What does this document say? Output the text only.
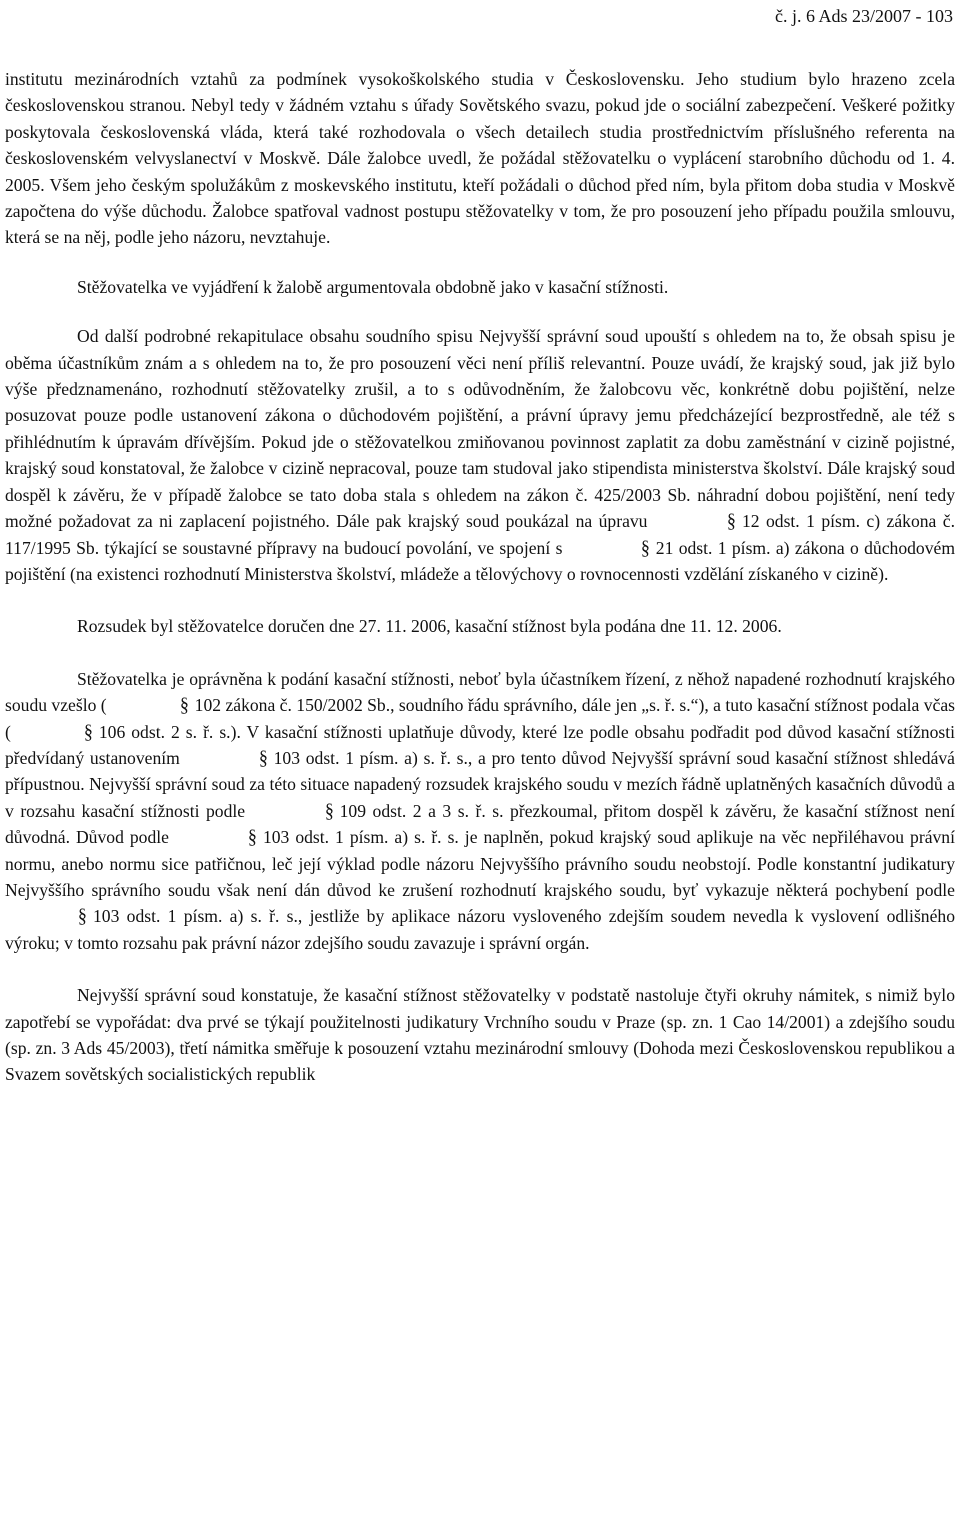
č. j. 6 Ads 23/2007 - 103

institutu mezinárodních vztahů za podmínek vysokoškolského studia v Československu. Jeho studium bylo hrazeno zcela československou stranou. Nebyl tedy v žádném vztahu s úřady Sovětského svazu, pokud jde o sociální zabezpečení. Veškeré požitky poskytovala československá vláda, která také rozhodovala o všech detailech studia prostřednictvím příslušného referenta na československém velvyslanectví v Moskvě. Dále žalobce uvedl, že požádal stěžovatelku o vyplácení starobního důchodu od 1. 4. 2005. Všem jeho českým spolužákům z moskevského institutu, kteří požádali o důchod před ním, byla přitom doba studia v Moskvě započtena do výše důchodu. Žalobce spatřoval vadnost postupu stěžovatelky v tom, že pro posouzení jeho případu použila smlouvu, která se na něj, podle jeho názoru, nevztahuje.

Stěžovatelka ve vyjádření k žalobě argumentovala obdobně jako v kasační stížnosti.

Od další podrobné rekapitulace obsahu soudního spisu Nejvyšší správní soud upouští s ohledem na to, že obsah spisu je oběma účastníkům znám a s ohledem na to, že pro posouzení věci není příliš relevantní. Pouze uvádí, že krajský soud, jak již bylo výše předznamenáno, rozhodnutí stěžovatelky zrušil, a to s odůvodněním, že žalobcovu věc, konkrétně dobu pojištění, nelze posuzovat pouze podle ustanovení zákona o důchodovém pojištění, a právní úpravy jemu předcházející bezprostředně, ale též s přihlédnutím k úpravám dřívějším. Pokud jde o stěžovatelkou zmiňovanou povinnost zaplatit za dobu zaměstnání v cizině pojistné, krajský soud konstatoval, že žalobce v cizině nepracoval, pouze tam studoval jako stipendista ministerstva školství. Dále krajský soud dospěl k závěru, že v případě žalobce se tato doba stala s ohledem na zákon č. 425/2003 Sb. náhradní dobou pojištění, není tedy možné požadovat za ni zaplacení pojistného. Dále pak krajský soud poukázal na úpravu	§ 12 odst. 1 písm. c) zákona č. 117/1995 Sb. týkající se soustavné přípravy na budoucí povolání, ve spojení s	§ 21 odst. 1 písm. a) zákona o důchodovém pojištění (na existenci rozhodnutí Ministerstva školství, mládeže a tělovýchovy o rovnocennosti vzdělání získaného v cizině).

Rozsudek byl stěžovatelce doručen dne 27. 11. 2006, kasační stížnost byla podána dne 11. 12. 2006.

Stěžovatelka je oprávněna k podání kasační stížnosti, neboť byla účastníkem řízení, z něhož napadené rozhodnutí krajského soudu vzešlo (	§ 102 zákona č. 150/2002 Sb., soudního řádu správního, dále jen „s. ř. s.“), a tuto kasační stížnost podala včas (	§ 106 odst. 2 s. ř. s.). V kasační stížnosti uplatňuje důvody, které lze podle obsahu podřadit pod důvod kasační stížnosti předvídaný ustanovením	§ 103 odst. 1 písm. a) s. ř. s., a pro tento důvod Nejvyšší správní soud kasační stížnost shledává přípustnou. Nejvyšší správní soud za této situace napadený rozsudek krajského soudu v mezích řádně uplatněných kasačních důvodů a v rozsahu kasační stížnosti podle	§ 109 odst. 2 a 3 s. ř. s. přezkoumal, přitom dospěl k závěru, že kasační stížnost není důvodná. Důvod podle	§ 103 odst. 1 písm. a) s. ř. s. je naplněn, pokud krajský soud aplikuje na věc nepřiléhavou právní normu, anebo normu sice patřičnou, leč její výklad podle názoru Nejvyššího právního soudu neobstojí. Podle konstantní judikatury Nejvyššího správního soudu však není dán důvod ke zrušení rozhodnutí krajského soudu, byť vykazuje některá pochybení podle § 103 odst. 1 písm. a) s. ř. s., jestliže by aplikace názoru vysloveného zdejším soudem nevedla k vyslovení odlišného výroku; v tomto rozsahu pak právní názor zdejšího soudu zavazuje i správní orgán.

Nejvyšší správní soud konstatuje, že kasační stížnost stěžovatelky v podstatě nastoluje čtyři okruhy námitek, s nimiž bylo zapotřebí se vypořádat: dva prvé se týkají použitelnosti judikatury Vrchního soudu v Praze (sp. zn. 1 Cao 14/2001) a zdejšího soudu (sp. zn. 3 Ads 45/2003), třetí námitka směřuje k posouzení vztahu mezinárodní smlouvy (Dohoda mezi Československou republikou a Svazem sovětských socialistických republik
